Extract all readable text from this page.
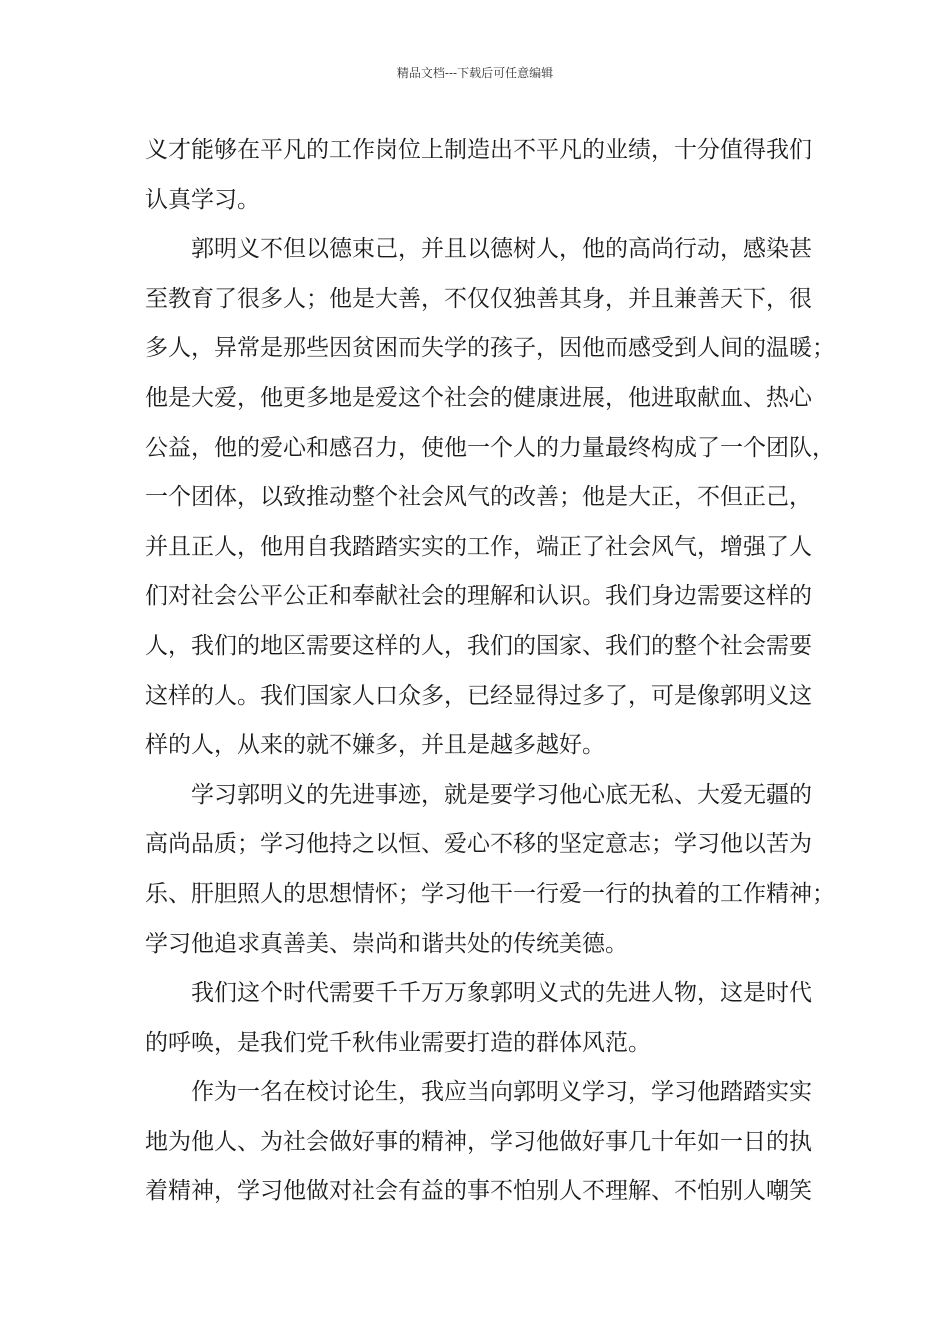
精品文档---下载后可任意编辑
义才能够在平凡的工作岗位上制造出不平凡的业绩，十分值得我们
认真学习。
郭明义不但以德束己，并且以德树人，他的高尚行动，感染甚
至教育了很多人；他是大善，不仅仅独善其身，并且兼善天下，很
多人，异常是那些因贫困而失学的孩子，因他而感受到人间的温暖；
他是大爱，他更多地是爱这个社会的健康进展，他进取献血、热心
公益，他的爱心和感召力，使他一个人的力量最终构成了一个团队，
一个团体，以致推动整个社会风气的改善；他是大正，不但正己，
并且正人，他用自我踏踏实实的工作，端正了社会风气，增强了人
们对社会公平公正和奉献社会的理解和认识。我们身边需要这样的
人，我们的地区需要这样的人，我们的国家、我们的整个社会需要
这样的人。我们国家人口众多，已经显得过多了，可是像郭明义这
样的人，从来的就不嫌多，并且是越多越好。
学习郭明义的先进事迹，就是要学习他心底无私、大爱无疆的
高尚品质；学习他持之以恒、爱心不移的坚定意志；学习他以苦为
乐、肝胆照人的思想情怀；学习他干一行爱一行的执着的工作精神；
学习他追求真善美、崇尚和谐共处的传统美德。
我们这个时代需要千千万万象郭明义式的先进人物，这是时代
的呼唤，是我们党千秋伟业需要打造的群体风范。
作为一名在校讨论生，我应当向郭明义学习，学习他踏踏实实
地为他人、为社会做好事的精神，学习他做好事几十年如一日的执
着精神，学习他做对社会有益的事不怕别人不理解、不怕别人嘲笑
